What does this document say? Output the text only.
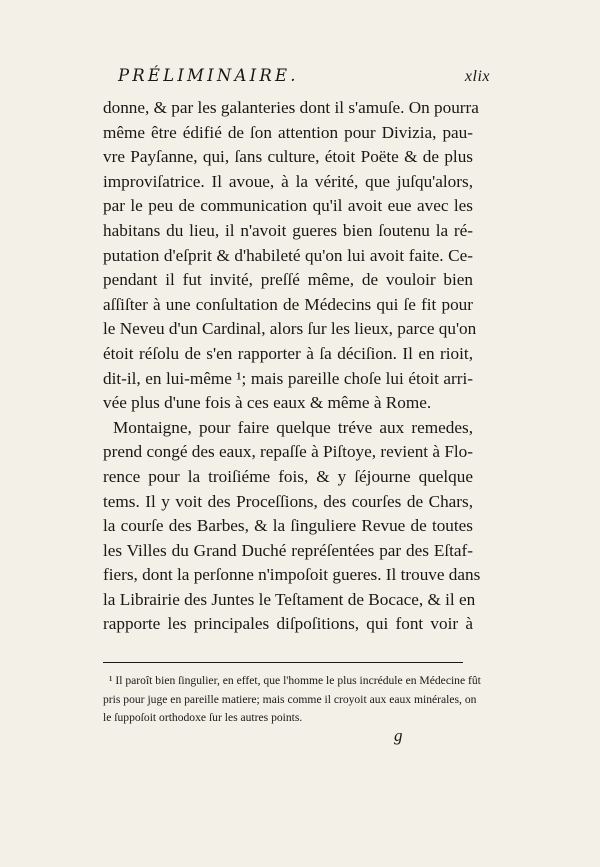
PRÉLIMINAIRE.	xlix
donne, & par les galanteries dont il s'amuſe. On pourra
même être édifié de ſon attention pour Divizia, pau-
vre Payſanne, qui, ſans culture, étoit Poëte & de plus
improviſatrice. Il avoue, à la vérité, que juſqu'alors,
par le peu de communication qu'il avoit eue avec les
habitans du lieu, il n'avoit gueres bien ſoutenu la ré-
putation d'eſprit & d'habileté qu'on lui avoit faite. Ce-
pendant il fut invité, preſſé même, de vouloir bien
aſſiſter à une conſultation de Médecins qui ſe fit pour
le Neveu d'un Cardinal, alors ſur les lieux, parce qu'on
étoit réſolu de s'en rapporter à ſa déciſion. Il en rioit,
dit-il, en lui-même ¹; mais pareille choſe lui étoit arri-
vée plus d'une fois à ces eaux & même à Rome.
Montaigne, pour faire quelque tréve aux remedes,
prend congé des eaux, repaſſe à Piſtoye, revient à Flo-
rence pour la troiſiéme fois, & y ſéjourne quelque
tems. Il y voit des Proceſſions, des courſes de Chars,
la courſe des Barbes, & la ſinguliere Revue de toutes
les Villes du Grand Duché repréſentées par des Eſtaf-
fiers, dont la perſonne n'impoſoit gueres. Il trouve dans
la Librairie des Juntes le Teſtament de Bocace, & il en
rapporte les principales diſpoſitions, qui font voir à
¹ Il paroît bien ſingulier, en effet, que l'homme le plus incrédule en Médecine fût
pris pour juge en pareille matiere; mais comme il croyoit aux eaux minérales, on
le ſuppoſoit orthodoxe ſur les autres points.
g
